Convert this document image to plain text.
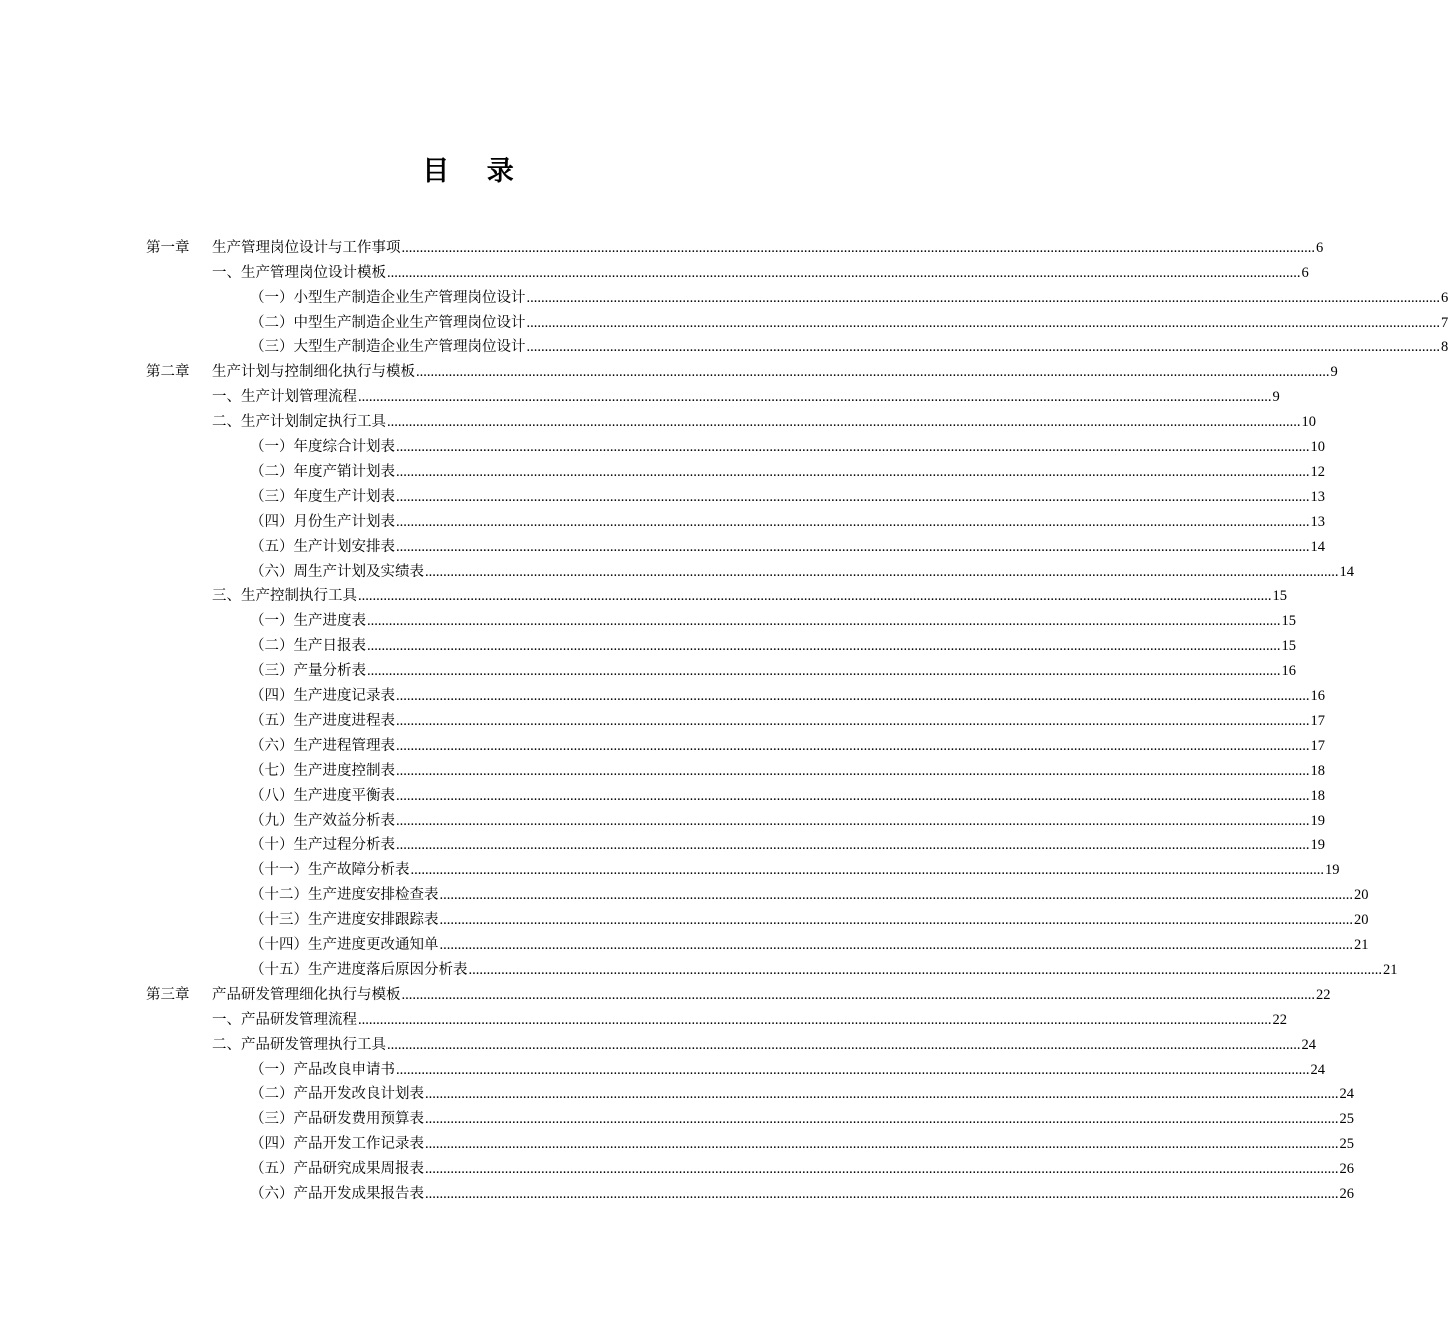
目 录
第一章 生产管理岗位设计与工作事项 ............................................................................................................................................................................................................................................................ 6
一、生产管理岗位设计模板 ............................................................................................................................................................................................................................................................ 6
（一）小型生产制造企业生产管理岗位设计 ............................................................................................................................................................................................................................................................ 6
（二）中型生产制造企业生产管理岗位设计 ............................................................................................................................................................................................................................................................ 7
（三）大型生产制造企业生产管理岗位设计 ............................................................................................................................................................................................................................................................ 8
第二章 生产计划与控制细化执行与模板 ............................................................................................................................................................................................................................................................ 9
一、生产计划管理流程 ............................................................................................................................................................................................................................................................ 9
二、生产计划制定执行工具 ............................................................................................................................................................................................................................................................ 10
（一）年度综合计划表 ............................................................................................................................................................................................................................................................ 10
（二）年度产销计划表 ............................................................................................................................................................................................................................................................ 12
（三）年度生产计划表 ............................................................................................................................................................................................................................................................ 13
（四）月份生产计划表 ............................................................................................................................................................................................................................................................ 13
（五）生产计划安排表 ............................................................................................................................................................................................................................................................ 14
（六）周生产计划及实绩表 ............................................................................................................................................................................................................................................................ 14
三、生产控制执行工具 ............................................................................................................................................................................................................................................................ 15
（一）生产进度表 ............................................................................................................................................................................................................................................................ 15
（二）生产日报表 ............................................................................................................................................................................................................................................................ 15
（三）产量分析表 ............................................................................................................................................................................................................................................................ 16
（四）生产进度记录表 ............................................................................................................................................................................................................................................................ 16
（五）生产进度进程表 ............................................................................................................................................................................................................................................................ 17
（六）生产进程管理表 ............................................................................................................................................................................................................................................................ 17
（七）生产进度控制表 ............................................................................................................................................................................................................................................................ 18
（八）生产进度平衡表 ............................................................................................................................................................................................................................................................ 18
（九）生产效益分析表 ............................................................................................................................................................................................................................................................ 19
（十）生产过程分析表 ............................................................................................................................................................................................................................................................ 19
（十一）生产故障分析表 ............................................................................................................................................................................................................................................................ 19
（十二）生产进度安排检查表 ............................................................................................................................................................................................................................................................ 20
（十三）生产进度安排跟踪表 ............................................................................................................................................................................................................................................................ 20
（十四）生产进度更改通知单 ............................................................................................................................................................................................................................................................ 21
（十五）生产进度落后原因分析表 ............................................................................................................................................................................................................................................................ 21
第三章 产品研发管理细化执行与模板 ............................................................................................................................................................................................................................................................ 22
一、产品研发管理流程 ............................................................................................................................................................................................................................................................ 22
二、产品研发管理执行工具 ............................................................................................................................................................................................................................................................ 24
（一）产品改良申请书 ............................................................................................................................................................................................................................................................ 24
（二）产品开发改良计划表 ............................................................................................................................................................................................................................................................ 24
（三）产品研发费用预算表 ............................................................................................................................................................................................................................................................ 25
（四）产品开发工作记录表 ............................................................................................................................................................................................................................................................ 25
（五）产品研究成果周报表 ............................................................................................................................................................................................................................................................ 26
（六）产品开发成果报告表 ............................................................................................................................................................................................................................................................ 26
